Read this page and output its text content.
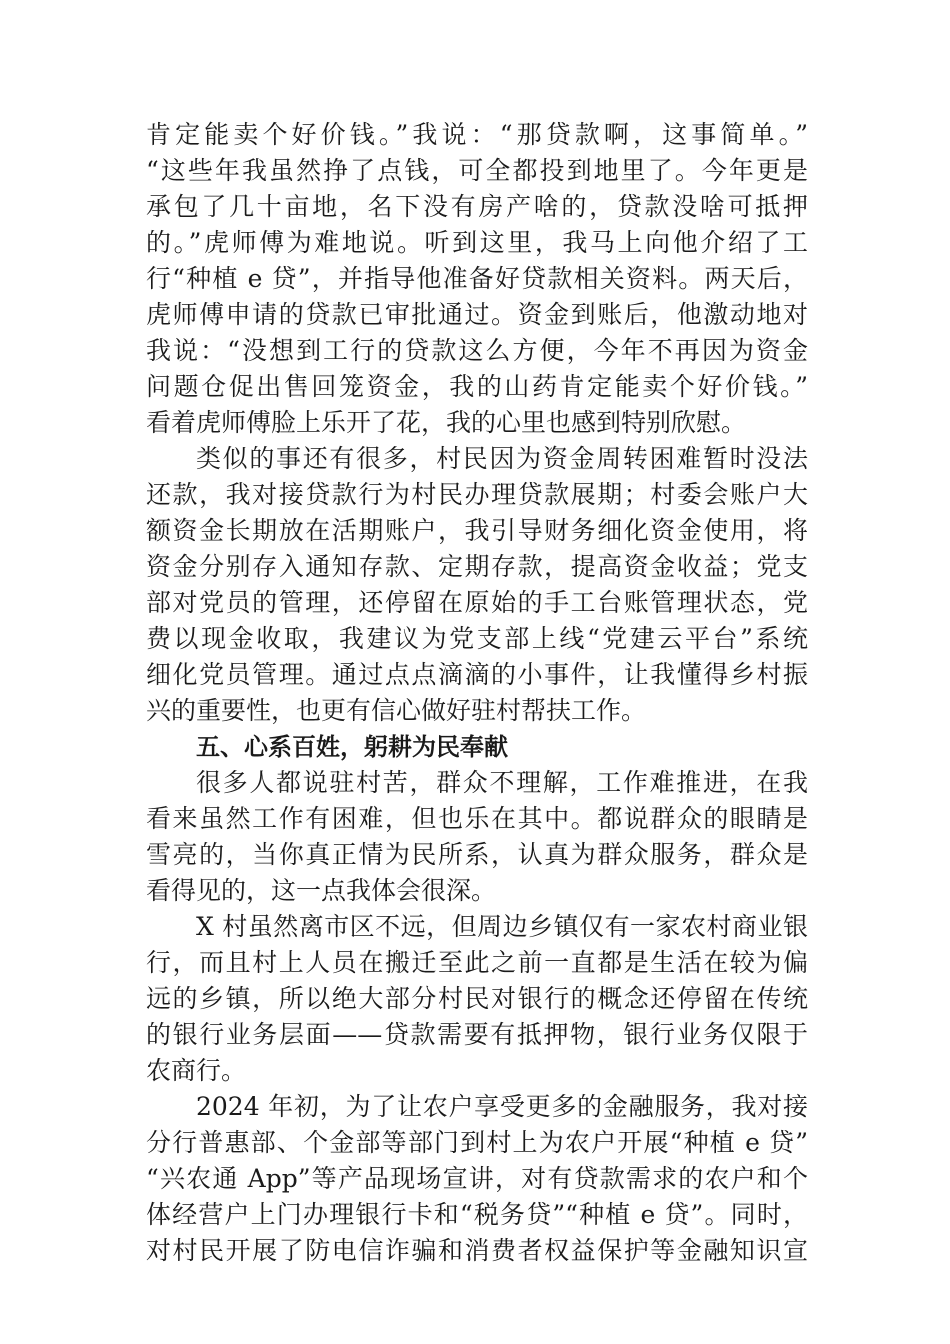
肯定能卖个好价钱。”我说：“那贷款啊，这事简单。”
“这些年我虽然挣了点钱，可全都投到地里了。今年更是
承包了几十亩地，名下没有房产啥的，贷款没啥可抵押
的。”虎师傅为难地说。听到这里，我马上向他介绍了工
行“种植 e 贷”，并指导他准备好贷款相关资料。两天后，
虎师傅申请的贷款已审批通过。资金到账后，他激动地对
我说：“没想到工行的贷款这么方便，今年不再因为资金
问题仓促出售回笼资金，我的山药肯定能卖个好价钱。”
看着虎师傅脸上乐开了花，我的心里也感到特别欣慰。
类似的事还有很多，村民因为资金周转困难暂时没法
还款，我对接贷款行为村民办理贷款展期；村委会账户大
额资金长期放在活期账户，我引导财务细化资金使用，将
资金分别存入通知存款、定期存款，提高资金收益；党支
部对党员的管理，还停留在原始的手工台账管理状态，党
费以现金收取，我建议为党支部上线“党建云平台”系统
细化党员管理。通过点点滴滴的小事件，让我懂得乡村振
兴的重要性，也更有信心做好驻村帮扶工作。
五、心系百姓，躬耕为民奉献
很多人都说驻村苦，群众不理解，工作难推进，在我
看来虽然工作有困难，但也乐在其中。都说群众的眼睛是
雪亮的，当你真正情为民所系，认真为群众服务，群众是
看得见的，这一点我体会很深。
X 村虽然离市区不远，但周边乡镇仅有一家农村商业银
行，而且村上人员在搬迁至此之前一直都是生活在较为偏
远的乡镇，所以绝大部分村民对银行的概念还停留在传统
的银行业务层面——贷款需要有抵押物，银行业务仅限于
农商行。
2024 年初，为了让农户享受更多的金融服务，我对接
分行普惠部、个金部等部门到村上为农户开展“种植 e 贷”
“兴农通 App”等产品现场宣讲，对有贷款需求的农户和个
体经营户上门办理银行卡和“税务贷”“种植 e 贷”。同时，
对村民开展了防电信诈骗和消费者权益保护等金融知识宣
